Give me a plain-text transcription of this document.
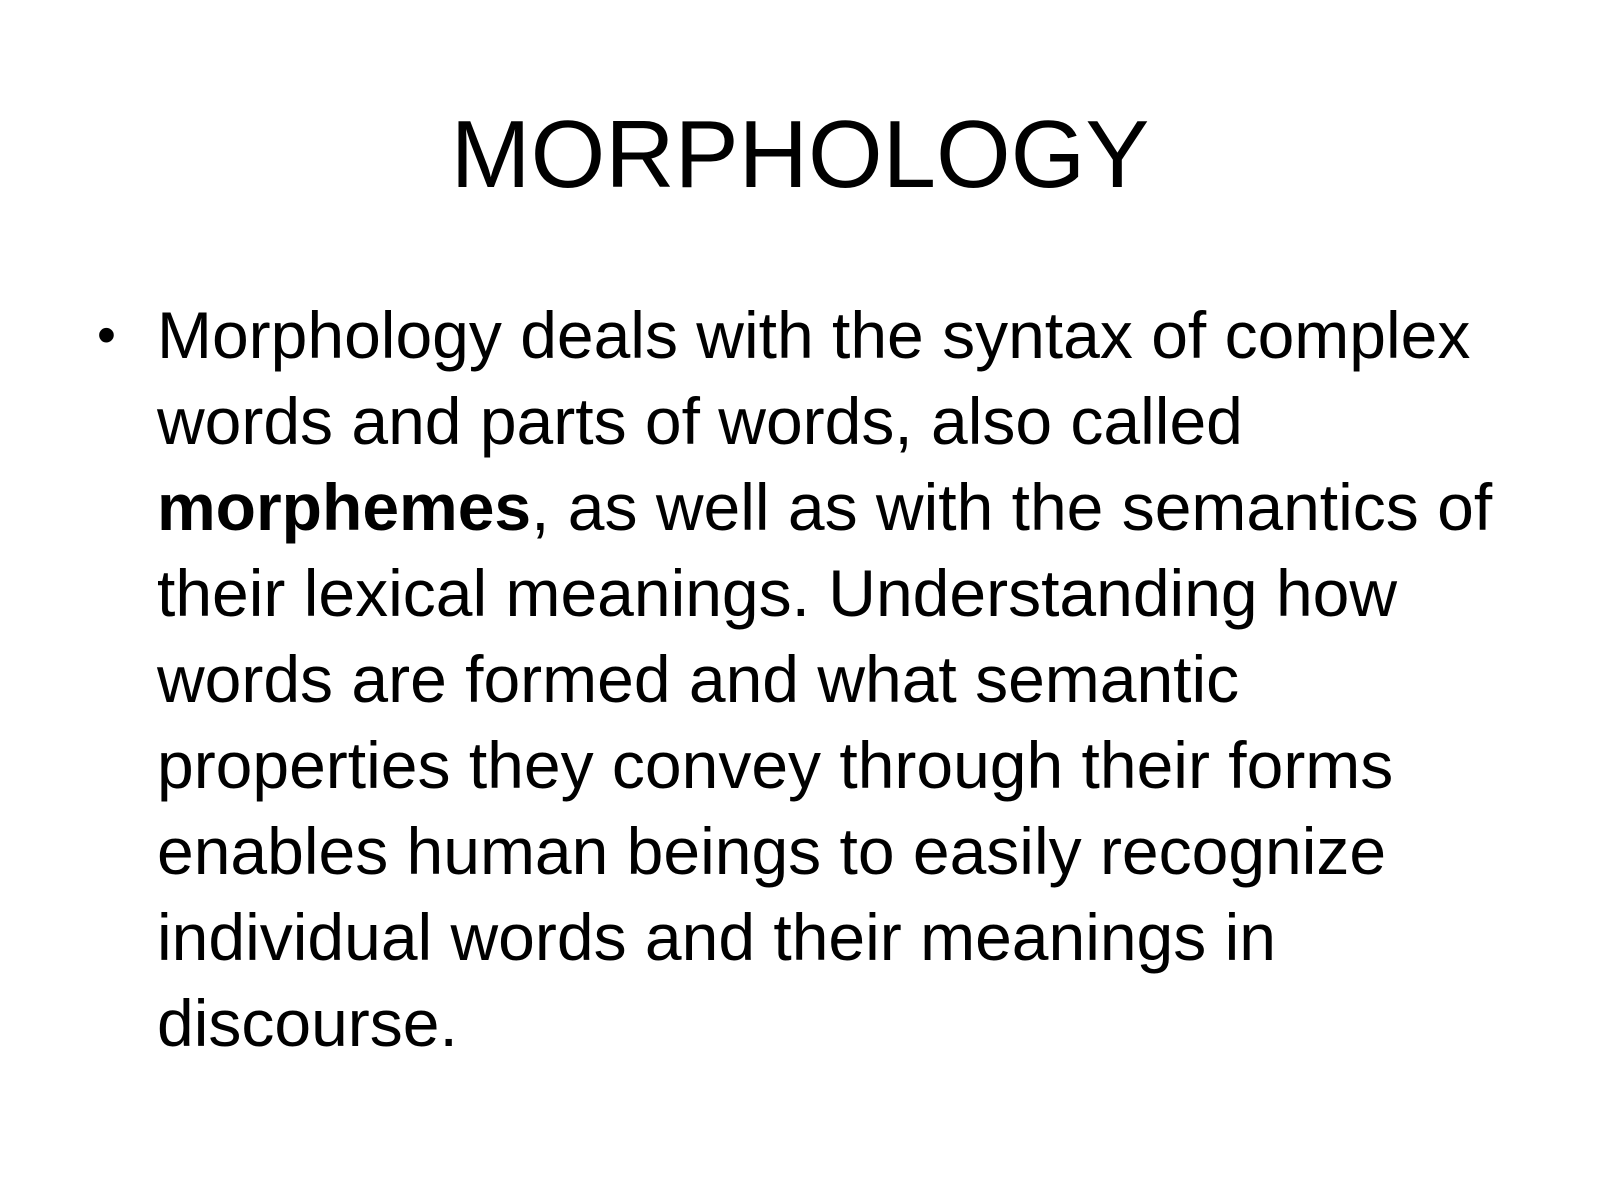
MORPHOLOGY
• Morphology deals with the syntax of complex words and parts of words, also called morphemes, as well as with the semantics of their lexical meanings. Understanding how words are formed and what semantic properties they convey through their forms enables human beings to easily recognize individual words and their meanings in discourse.
